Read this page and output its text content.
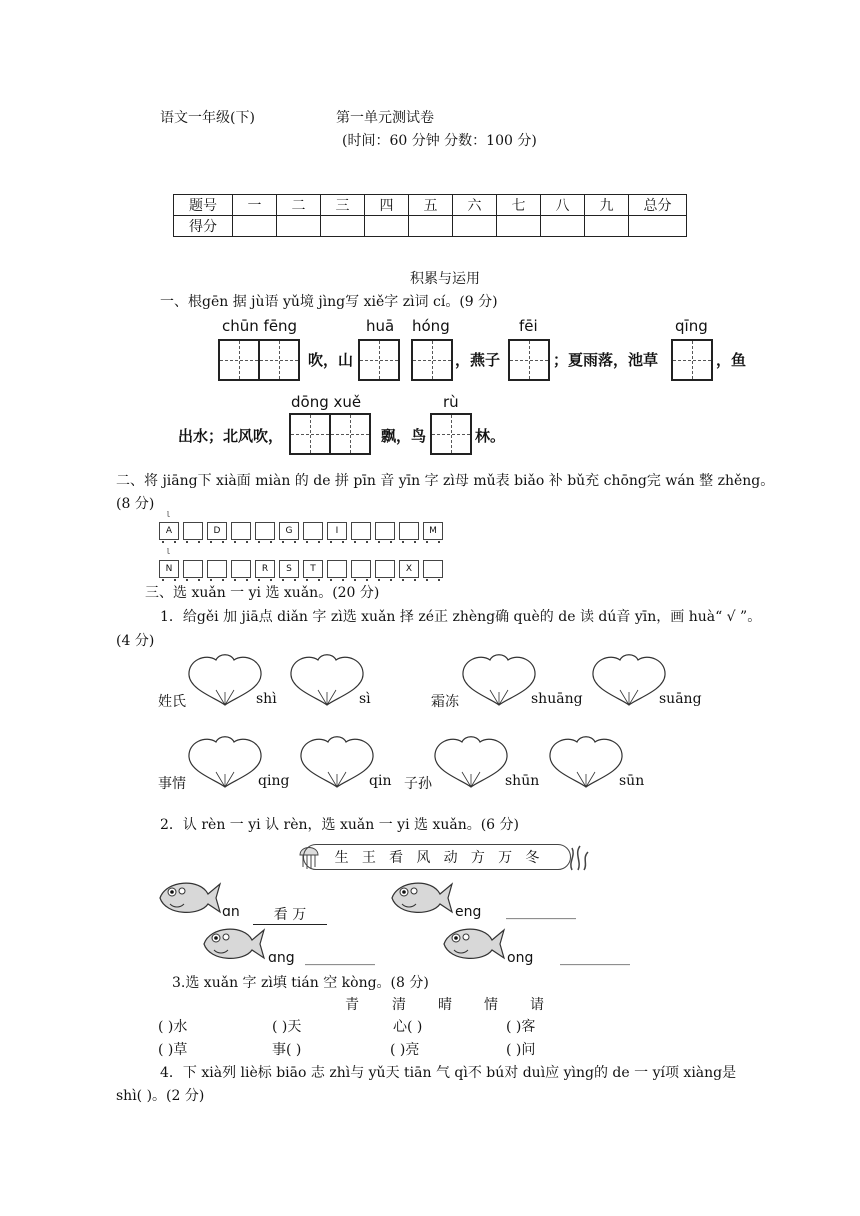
语文一年级(下)	第一单元测试卷
(时间：60 分钟 分数：100 分)
题号	一	二	三	四	五	六	七	八	九	总分
得分										
积累与运用
一、根gēn 据 jù语 yǔ境 jìng写 xiě字 zì词 cí。(9 分)
chūn fēng
吹，山
huā hóng
，燕子
fēi
；夏雨落，池草
qīng
，鱼
出水；北风吹，
dōng xuě
飘，鸟
rù
林。
二、将 jiāng下 xià面 miàn 的 de 拼 pīn 音 yīn 字 zì母 mǔ表 biǎo 补 bǔ充 chōng完 wán 整 zhěng。
(8 分)
ᶩ
A	D	G	I	M
ᶩ
N	R	S	T	X
三、选 xuǎn 一 yi 选 xuǎn。(20 分)
1．给gěi 加 jiā点 diǎn 字 zì选 xuǎn 择 zé正 zhèng确 què的 de 读 dú音 yīn，画 huà“ √ ”。
(4 分)
姓氏	shì	sì	霜冻	shuāng	suāng
事情	qing	qin 子孙	shūn	sūn
2．认 rèn 一 yi 认 rèn，选 xuǎn 一 yi 选 xuǎn。(6 分)
生 王 看 风 动 方 万 冬
ɑn	看 万	eng __________
ɑng __________	ong __________
3.选 xuǎn 字 zì填 tián 空 kòng。(8 分)
青 清 晴 情 请
( )水	( )天	心( )	( )客
( )草	事( )	( )亮	( )问
4．下 xià列 liè标 biāo 志 zhì与 yǔ天 tiān 气 qì不 bú对 duì应 yìng的 de 一 yí项 xiàng是
shì( )。(2 分)
